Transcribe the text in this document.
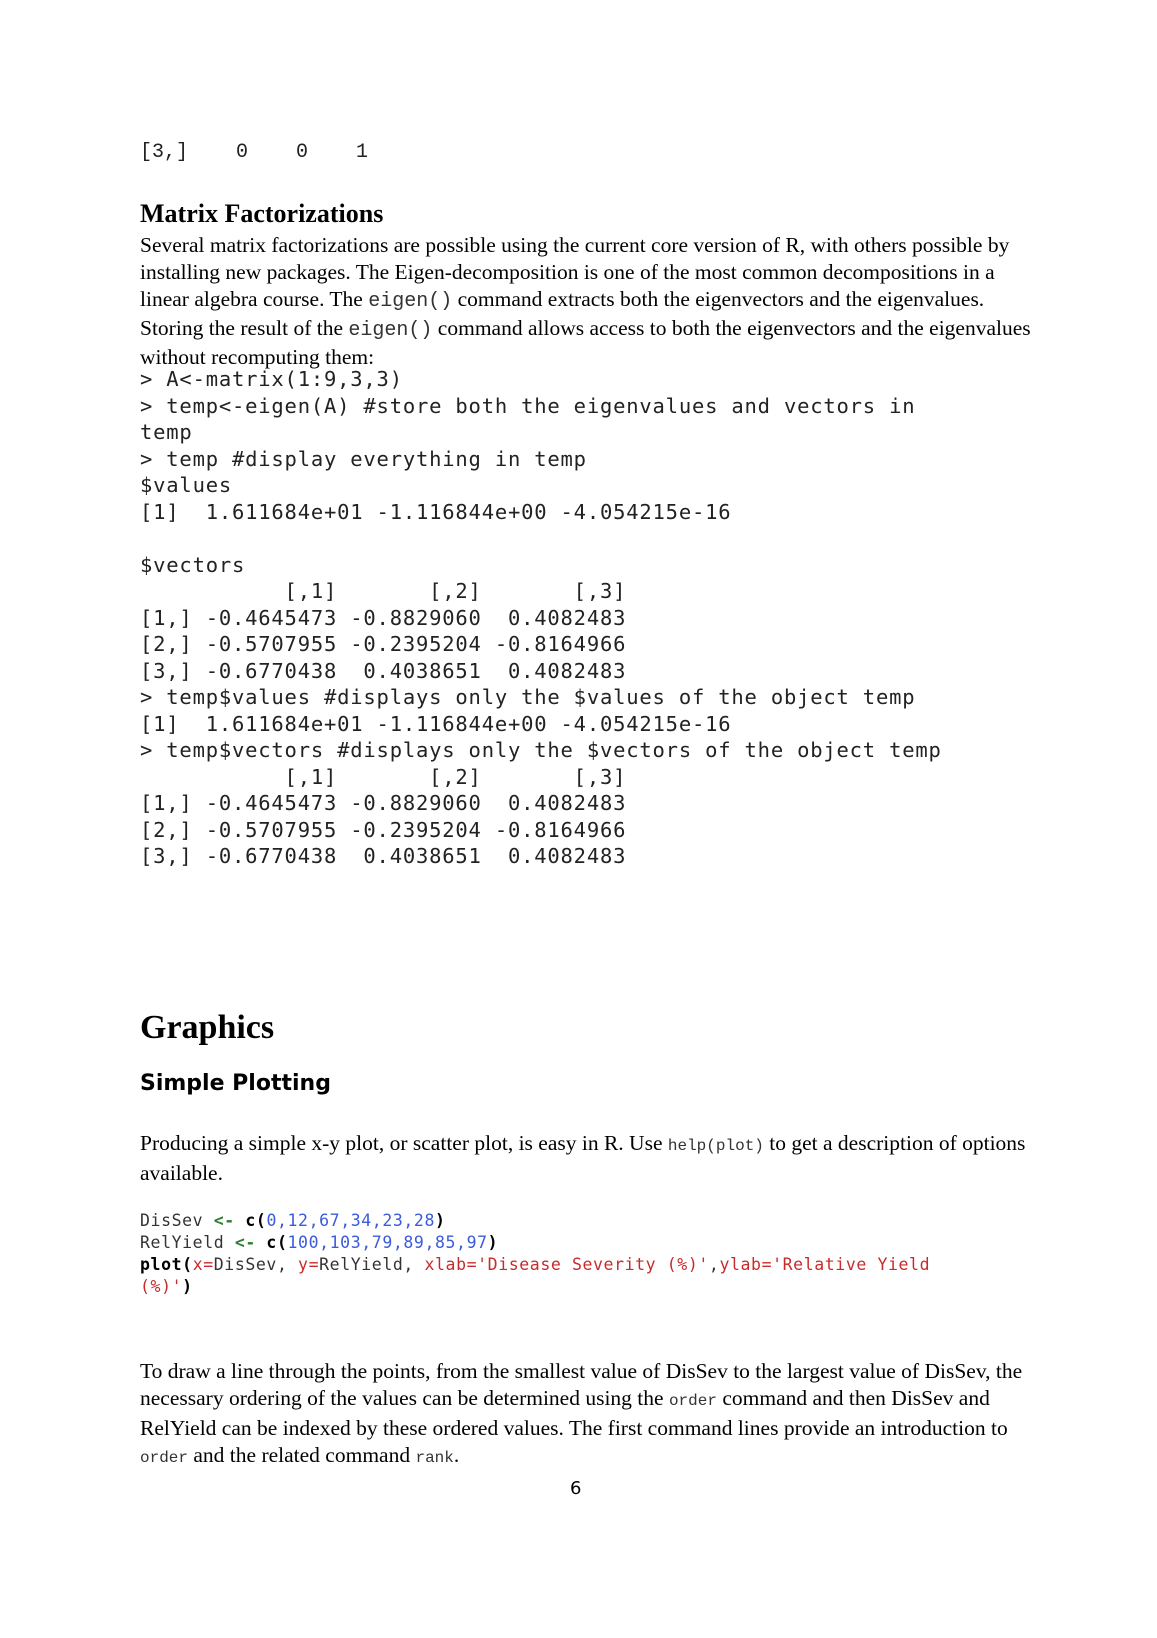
[3,]    0    0    1
Matrix Factorizations

Several matrix factorizations are possible using the current core version of R, with others possible by installing new packages. The Eigen-decomposition is one of the most common decompositions in a linear algebra course. The eigen() command extracts both the eigenvectors and the eigenvalues. Storing the result of the eigen() command allows access to both the eigenvectors and the eigenvalues without recomputing them:

> A<-matrix(1:9,3,3)
> temp<-eigen(A) #store both the eigenvalues and vectors in
temp
> temp #display everything in temp
$values
[1]  1.611684e+01 -1.116844e+00 -4.054215e-16

$vectors
[,1]       [,2]       [,3]
[1,] -0.4645473 -0.8829060  0.4082483
[2,] -0.5707955 -0.2395204 -0.8164966
[3,] -0.6770438  0.4038651  0.4082483
> temp$values #displays only the $values of the object temp
[1]  1.611684e+01 -1.116844e+00 -4.054215e-16
> temp$vectors #displays only the $vectors of the object temp
[,1]       [,2]       [,3]
[1,] -0.4645473 -0.8829060  0.4082483
[2,] -0.5707955 -0.2395204 -0.8164966
[3,] -0.6770438  0.4038651  0.4082483
Graphics
Simple Plotting

Producing a simple x-y plot, or scatter plot, is easy in R. Use help(plot) to get a description of options available.

DisSev <- c(0,12,67,34,23,28)
RelYield <- c(100,103,79,89,85,97)
plot(x=DisSev, y=RelYield, xlab='Disease Severity (%)',ylab='Relative Yield
(%)')

To draw a line through the points, from the smallest value of DisSev to the largest value of DisSev, the necessary ordering of the values can be determined using the order command and then DisSev and RelYield can be indexed by these ordered values. The first command lines provide an introduction to order and the related command rank.

6
